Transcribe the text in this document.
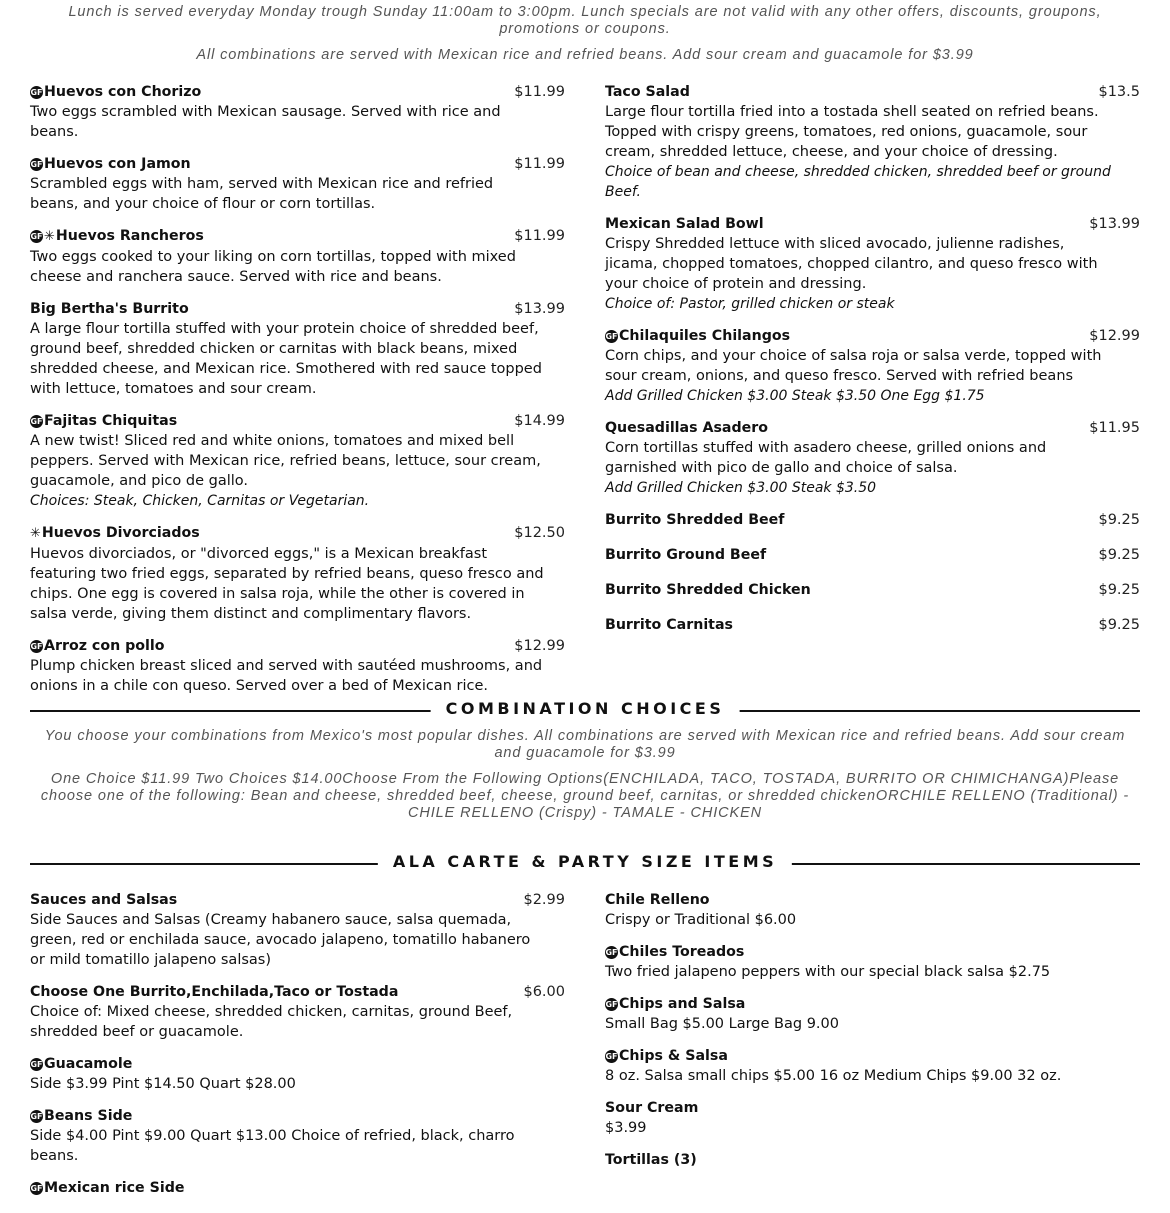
Lunch is served everyday Monday trough Sunday 11:00am to 3:00pm. Lunch specials are not valid with any other offers, discounts, groupons, promotions or coupons.
All combinations are served with Mexican rice and refried beans. Add sour cream and guacamole for $3.99
GFHuevos con Chorizo	$11.99
Two eggs scrambled with Mexican sausage. Served with rice and beans.
GFHuevos con Jamon	$11.99
Scrambled eggs with ham, served with Mexican rice and refried beans, and your choice of flour or corn tortillas.
GF✳Huevos Rancheros	$11.99
Two eggs cooked to your liking on corn tortillas, topped with mixed cheese and ranchera sauce. Served with rice and beans.
Big Bertha's Burrito	$13.99
A large flour tortilla stuffed with your protein choice of shredded beef, ground beef, shredded chicken or carnitas with black beans, mixed shredded cheese, and Mexican rice. Smothered with red sauce topped with lettuce, tomatoes and sour cream.
GFFajitas Chiquitas	$14.99
A new twist! Sliced red and white onions, tomatoes and mixed bell peppers. Served with Mexican rice, refried beans, lettuce, sour cream, guacamole, and pico de gallo.
Choices: Steak, Chicken, Carnitas or Vegetarian.
✳Huevos Divorciados	$12.50
Huevos divorciados, or "divorced eggs," is a Mexican breakfast featuring two fried eggs, separated by refried beans, queso fresco and chips. One egg is covered in salsa roja, while the other is covered in salsa verde, giving them distinct and complimentary flavors.
GFArroz con pollo	$12.99
Plump chicken breast sliced and served with sautéed mushrooms, and onions in a chile con queso. Served over a bed of Mexican rice.
Taco Salad	$13.5
Large flour tortilla fried into a tostada shell seated on refried beans. Topped with crispy greens, tomatoes, red onions, guacamole, sour cream, shredded lettuce, cheese, and your choice of dressing.
Choice of bean and cheese, shredded chicken, shredded beef or ground Beef.
Mexican Salad Bowl	$13.99
Crispy Shredded lettuce with sliced avocado, julienne radishes, jicama, chopped tomatoes, chopped cilantro, and queso fresco with your choice of protein and dressing.
Choice of: Pastor, grilled chicken or steak
GFChilaquiles Chilangos	$12.99
Corn chips, and your choice of salsa roja or salsa verde, topped with sour cream, onions, and queso fresco. Served with refried beans
Add Grilled Chicken $3.00 Steak $3.50 One Egg $1.75
Quesadillas Asadero	$11.95
Corn tortillas stuffed with asadero cheese, grilled onions and garnished with pico de gallo and choice of salsa.
Add Grilled Chicken $3.00 Steak $3.50
Burrito Shredded Beef	$9.25
Burrito Ground Beef	$9.25
Burrito Shredded Chicken	$9.25
Burrito Carnitas	$9.25
COMBINATION CHOICES
You choose your combinations from Mexico's most popular dishes. All combinations are served with Mexican rice and refried beans. Add sour cream and guacamole for $3.99
One Choice $11.99 Two Choices $14.00Choose From the Following Options(ENCHILADA, TACO, TOSTADA, BURRITO OR CHIMICHANGA)Please choose one of the following: Bean and cheese, shredded beef, cheese, ground beef, carnitas, or shredded chickenORCHILE RELLENO (Traditional) - CHILE RELLENO (Crispy) - TAMALE - CHICKEN
ALA CARTE & PARTY SIZE ITEMS
Sauces and Salsas	$2.99
Side Sauces and Salsas (Creamy habanero sauce, salsa quemada, green, red or enchilada sauce, avocado jalapeno, tomatillo habanero or mild tomatillo jalapeno salsas)
Choose One Burrito,Enchilada,Taco or Tostada	$6.00
Choice of: Mixed cheese, shredded chicken, carnitas, ground Beef, shredded beef or guacamole.
GFGuacamole
Side $3.99 Pint $14.50 Quart $28.00
GFBeans Side
Side $4.00 Pint $9.00 Quart $13.00 Choice of refried, black, charro beans.
GFMexican rice Side
Chile Relleno
Crispy or Traditional $6.00
GFChiles Toreados
Two fried jalapeno peppers with our special black salsa $2.75
GFChips and Salsa
Small Bag $5.00 Large Bag 9.00
GFChips & Salsa
8 oz. Salsa small chips $5.00 16 oz Medium Chips $9.00 32 oz.
Sour Cream
$3.99
Tortillas (3)
